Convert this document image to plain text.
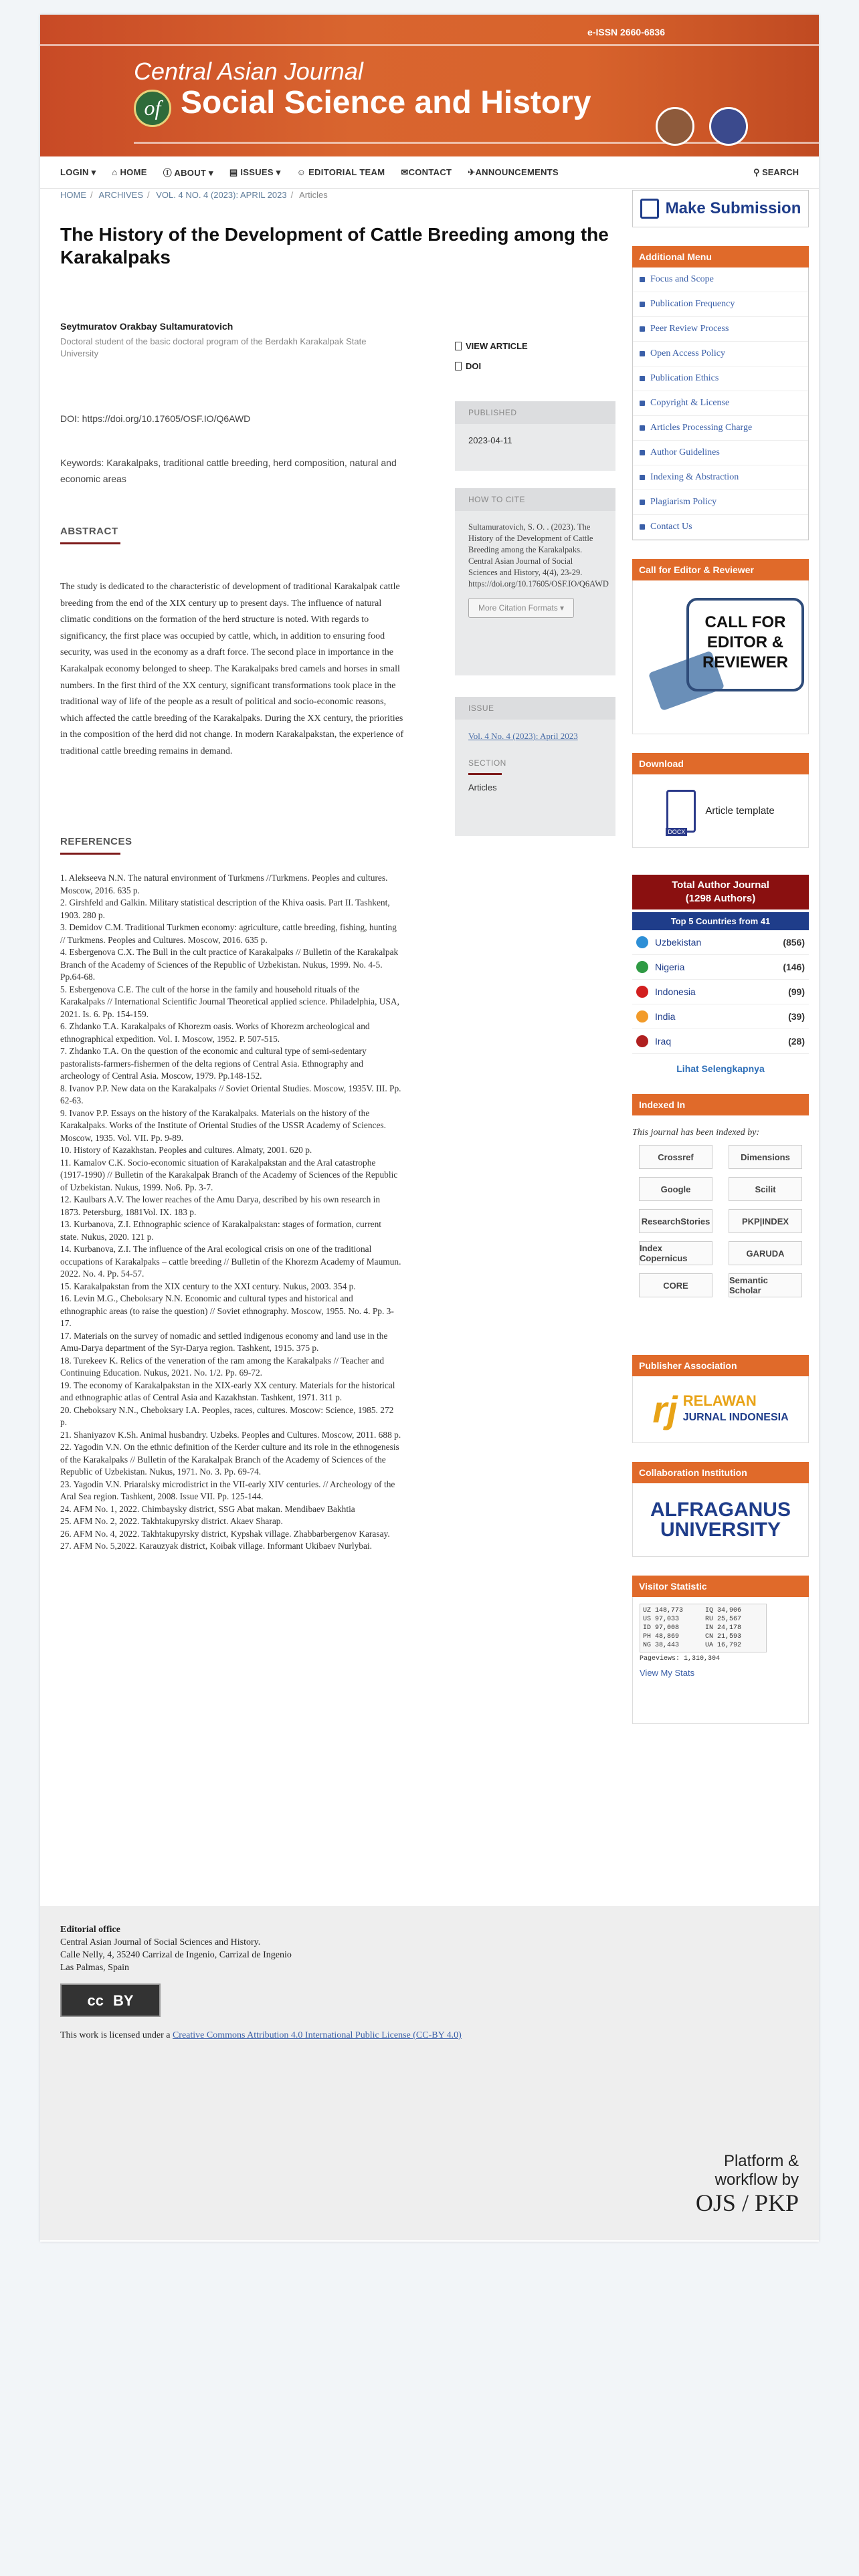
e-ISSN 2660-6836
Central Asian Journal
of Social Science and History
LOGIN ▾ ⌂ HOME Ⓘ ABOUT ▾ ▤ ISSUES ▾ ☺ EDITORIAL TEAM ✉CONTACT ✈ANNOUNCEMENTS	⚲ SEARCH
HOME / ARCHIVES / VOL. 4 NO. 4 (2023): APRIL 2023 / Articles
The History of the Development of Cattle Breeding among the Karakalpaks
Seytmuratov Orakbay Sultamuratovich
Doctoral student of the basic doctoral program of the Berdakh Karakalpak State University
DOI: https://doi.org/10.17605/OSF.IO/Q6AWD
Keywords: Karakalpaks, traditional cattle breeding, herd composition, natural and economic areas
ABSTRACT
The study is dedicated to the characteristic of development of traditional Karakalpak cattle breeding from the end of the XIX century up to present days. The influence of natural climatic conditions on the formation of the herd structure is noted. With regards to significancy, the first place was occupied by cattle, which, in addition to ensuring food security, was used in the economy as a draft force. The second place in importance in the Karakalpak economy belonged to sheep. The Karakalpaks bred camels and horses in small numbers. In the first third of the XX century, significant transformations took place in the traditional way of life of the people as a result of political and socio-economic reasons, which affected the cattle breeding of the Karakalpaks. During the XX century, the priorities in the composition of the herd did not change. In modern Karakalpakstan, the experience of traditional cattle breeding remains in demand.
REFERENCES

1. Alekseeva N.N. The natural environment of Turkmens //Turkmens. Peoples and cultures. Moscow, 2016. 635 p.

2. Girshfeld and Galkin. Military statistical description of the Khiva oasis. Part II. Tashkent, 1903. 280 p.

3. Demidov C.M. Traditional Turkmen economy: agriculture, cattle breeding, fishing, hunting // Turkmens. Peoples and Cultures. Moscow, 2016. 635 p.

4. Esbergenova C.X. The Bull in the cult practice of Karakalpaks // Bulletin of the Karakalpak Branch of the Academy of Sciences of the Republic of Uzbekistan. Nukus, 1999. No. 4-5. Pp.64-68.

5. Esbergenova C.E. The cult of the horse in the family and household rituals of the Karakalpaks // International Scientific Journal Theoretical applied science. Philadelphia, USA, 2021. Is. 6. Pp. 154-159.

6. Zhdanko T.A. Karakalpaks of Khorezm oasis. Works of Khorezm archeological and ethnographical expedition. Vol. I. Moscow, 1952. P. 507-515.

7. Zhdanko T.A. On the question of the economic and cultural type of semi-sedentary pastoralists-farmers-fishermen of the delta regions of Central Asia. Ethnography and archeology of Central Asia. Moscow, 1979. Pp.148-152.

8. Ivanov P.P. New data on the Karakalpaks // Soviet Oriental Studies. Moscow, 1935V. III. Pp. 62-63.

9. Ivanov P.P. Essays on the history of the Karakalpaks. Materials on the history of the Karakalpaks. Works of the Institute of Oriental Studies of the USSR Academy of Sciences. Moscow, 1935. Vol. VII. Pp. 9-89.

10. History of Kazakhstan. Peoples and cultures. Almaty, 2001. 620 p.

11. Kamalov C.K. Socio-economic situation of Karakalpakstan and the Aral catastrophe (1917-1990) // Bulletin of the Karakalpak Branch of the Academy of Sciences of the Republic of Uzbekistan. Nukus, 1999. No6. Pp. 3-7.

12. Kaulbars A.V. The lower reaches of the Amu Darya, described by his own research in 1873. Petersburg, 1881Vol. IX. 183 p.

13. Kurbanova, Z.I. Ethnographic science of Karakalpakstan: stages of formation, current state. Nukus, 2020. 121 p.

14. Kurbanova, Z.I. The influence of the Aral ecological crisis on one of the traditional occupations of Karakalpaks – cattle breeding // Bulletin of the Khorezm Academy of Maumun. 2022. No. 4. Pp. 54-57.

15. Karakalpakstan from the XIX century to the XXI century. Nukus, 2003. 354 p.

16. Levin M.G., Cheboksary N.N. Economic and cultural types and historical and ethnographic areas (to raise the question) // Soviet ethnography. Moscow, 1955. No. 4. Pp. 3-17.

17. Materials on the survey of nomadic and settled indigenous economy and land use in the Amu-Darya department of the Syr-Darya region. Tashkent, 1915. 375 p.

18. Turekeev K. Relics of the veneration of the ram among the Karakalpaks // Teacher and Continuing Education. Nukus, 2021. No. 1/2. Pp. 69-72.

19. The economy of Karakalpakstan in the XIX-early XX century. Materials for the historical and ethnographic atlas of Central Asia and Kazakhstan. Tashkent, 1971. 311 p.

20. Cheboksary N.N., Cheboksary I.A. Peoples, races, cultures. Moscow: Science, 1985. 272 p.

21. Shaniyazov K.Sh. Animal husbandry. Uzbeks. Peoples and Cultures. Moscow, 2011. 688 p.

22. Yagodin V.N. On the ethnic definition of the Kerder culture and its role in the ethnogenesis of the Karakalpaks // Bulletin of the Karakalpak Branch of the Academy of Sciences of the Republic of Uzbekistan. Nukus, 1971. No. 3. Pp. 69-74.

23. Yagodin V.N. Priaralsky microdistrict in the VII-early XIV centuries. // Archeology of the Aral Sea region. Tashkent, 2008. Issue VII. Pp. 125-144.

24. AFM No. 1, 2022. Chimbaysky district, SSG Abat makan. Mendibaev Bakhtia

25. AFM No. 2, 2022. Takhtakupyrsky district. Akaev Sharap.

26. AFM No. 4, 2022. Takhtakupyrsky district, Kypshak village. Zhabbarbergenov Karasay.

27. AFM No. 5,2022. Karauzyak district, Koibak village. Informant Ukibaev Nurlybai.

VIEW ARTICLE
DOI
PUBLISHED
2023-04-11
HOW TO CITE
Sultamuratovich, S. O. . (2023). The History of the Development of Cattle Breeding among the Karakalpaks. Central Asian Journal of Social Sciences and History, 4(4), 23-29. https://doi.org/10.17605/OSF.IO/Q6AWD
More Citation Formats ▾
ISSUE
Vol. 4 No. 4 (2023): April 2023
SECTION
Articles
Make Submission
Additional Menu
Focus and Scope
Publication Frequency
Peer Review Process
Open Access Policy
Publication Ethics
Copyright & License
Articles Processing Charge
Author Guidelines
Indexing & Abstraction
Plagiarism Policy
Contact Us
Call for Editor & Reviewer
CALL FOR EDITOR & REVIEWER
Download
DOCX
Article template
Total Author Journal
(1298 Authors)
Top 5 Countries from 41
Uzbekistan	(856)
Nigeria	(146)
Indonesia	(99)
India	(39)
Iraq	(28)
Lihat Selengkapnya
Indexed In
This journal has been indexed by:
Crossref	Dimensions
Google	Scilit
ResearchStories	PKP|INDEX
Index Copernicus	GARUDA
CORE	Semantic Scholar
Publisher Association
rj RELAWAN
JURNAL INDONESIA
Collaboration Institution
ALFRAGANUS UNIVERSITY
Visitor Statistic
UZ 148,773	IQ 34,906
US 97,033	RU 25,567
ID 97,008	IN 24,178
PH 48,869	CN 21,593
NG 38,443	UA 16,792
Pageviews: 1,310,304
View My Stats
Editorial office
Central Asian Journal of Social Sciences and History.
Calle Nelly, 4, 35240 Carrizal de Ingenio, Carrizal de Ingenio
Las Palmas, Spain
cc BY
This work is licensed under a Creative Commons Attribution 4.0 International Public License (CC-BY 4.0)
Platform &
workflow by
OJS / PKP
